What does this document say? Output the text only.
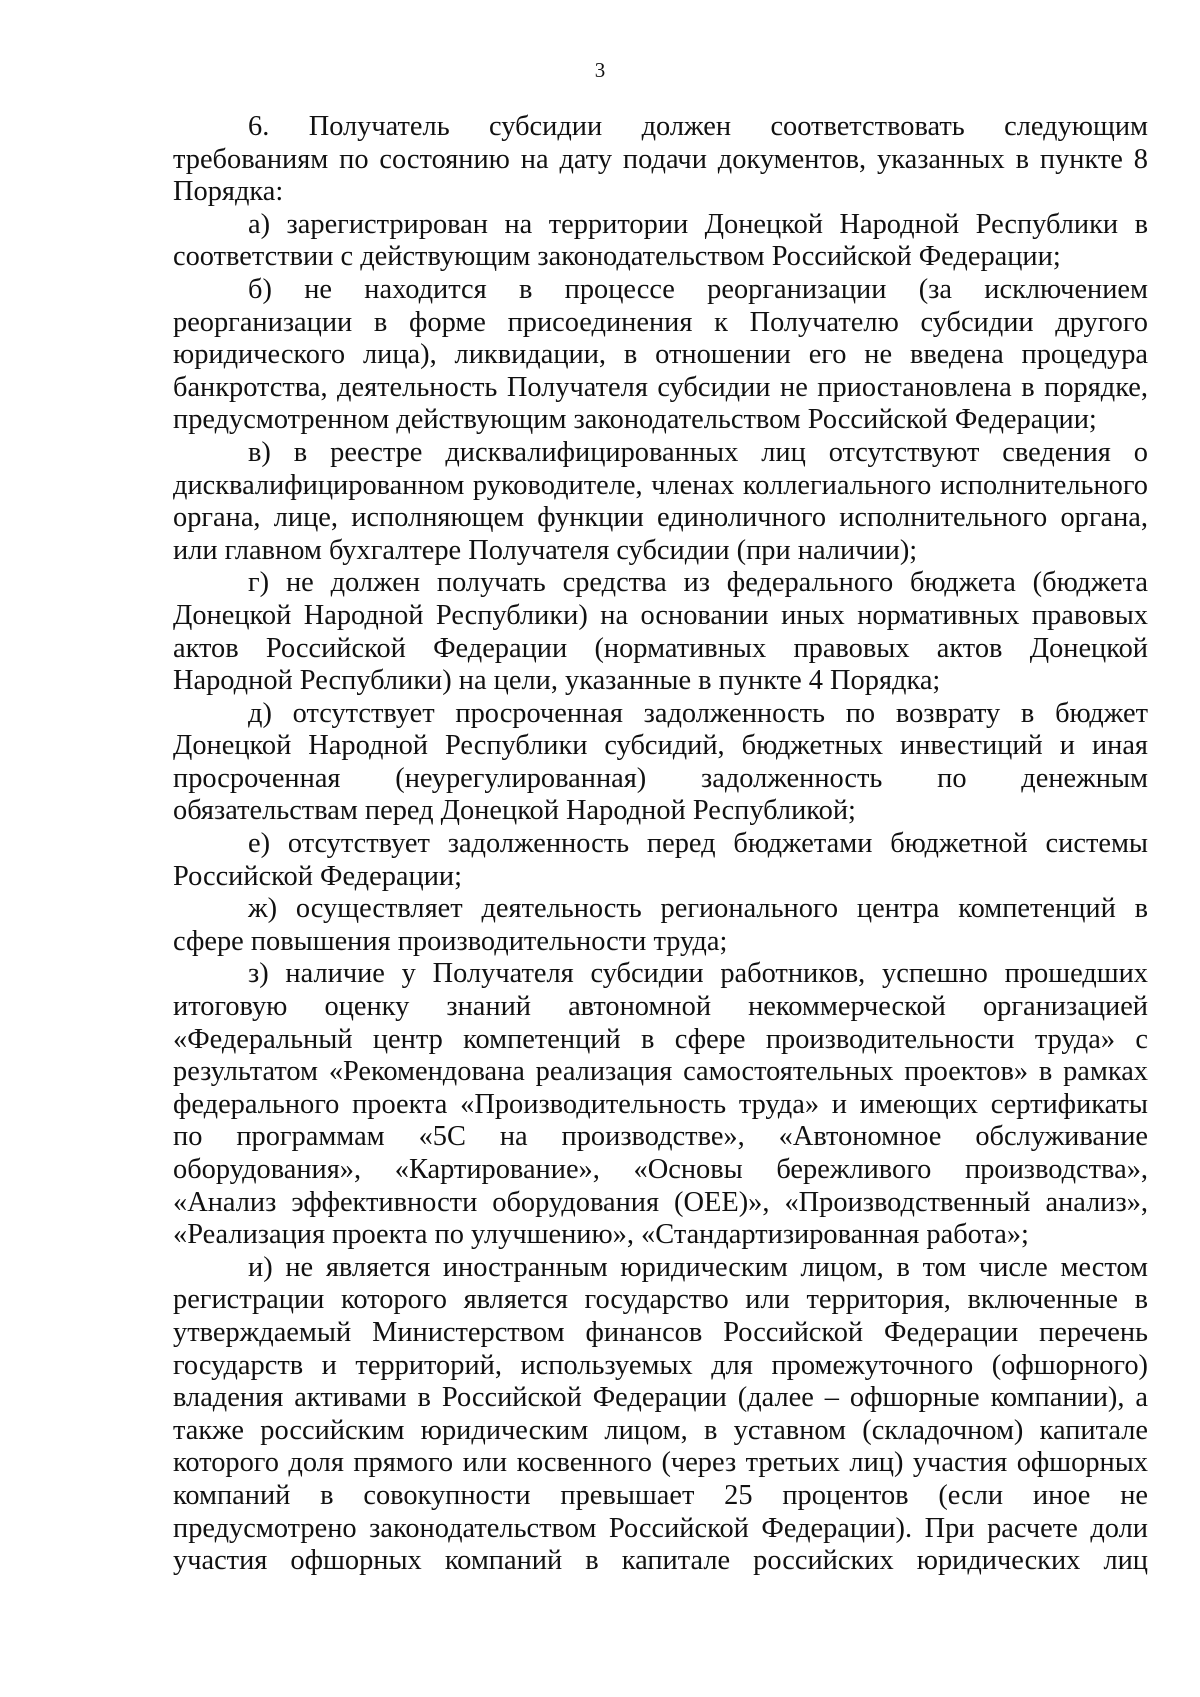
3

6. Получатель субсидии должен соответствовать следующим требованиям по состоянию на дату подачи документов, указанных в пункте 8 Порядка:

а) зарегистрирован на территории Донецкой Народной Республики в соответствии с действующим законодательством Российской Федерации;

б) не находится в процессе реорганизации (за исключением реорганизации в форме присоединения к Получателю субсидии другого юридического лица), ликвидации, в отношении его не введена процедура банкротства, деятельность Получателя субсидии не приостановлена в порядке, предусмотренном действующим законодательством Российской Федерации;

в) в реестре дисквалифицированных лиц отсутствуют сведения о дисквалифицированном руководителе, членах коллегиального исполнительного органа, лице, исполняющем функции единоличного исполнительного органа, или главном бухгалтере Получателя субсидии (при наличии);

г) не должен получать средства из федерального бюджета (бюджета Донецкой Народной Республики) на основании иных нормативных правовых актов Российской Федерации (нормативных правовых актов Донецкой Народной Республики) на цели, указанные в пункте 4 Порядка;

д) отсутствует просроченная задолженность по возврату в бюджет Донецкой Народной Республики субсидий, бюджетных инвестиций и иная просроченная (неурегулированная) задолженность по денежным обязательствам перед Донецкой Народной Республикой;

е) отсутствует задолженность перед бюджетами бюджетной системы Российской Федерации;

ж) осуществляет деятельность регионального центра компетенций в сфере повышения производительности труда;

з) наличие у Получателя субсидии работников, успешно прошедших итоговую оценку знаний автономной некоммерческой организацией «Федеральный центр компетенций в сфере производительности труда» с результатом «Рекомендована реализация самостоятельных проектов» в рамках федерального проекта «Производительность труда» и имеющих сертификаты по программам «5С на производстве», «Автономное обслуживание оборудования», «Картирование», «Основы бережливого производства», «Анализ эффективности оборудования (OEE)», «Производственный анализ», «Реализация проекта по улучшению», «Стандартизированная работа»;

и) не является иностранным юридическим лицом, в том числе местом регистрации которого является государство или территория, включенные в утверждаемый Министерством финансов Российской Федерации перечень государств и территорий, используемых для промежуточного (офшорного) владения активами в Российской Федерации (далее – офшорные компании), а также российским юридическим лицом, в уставном (складочном) капитале которого доля прямого или косвенного (через третьих лиц) участия офшорных компаний в совокупности превышает 25 процентов (если иное не предусмотрено законодательством Российской Федерации). При расчете доли участия офшорных компаний в капитале российских юридических лиц
